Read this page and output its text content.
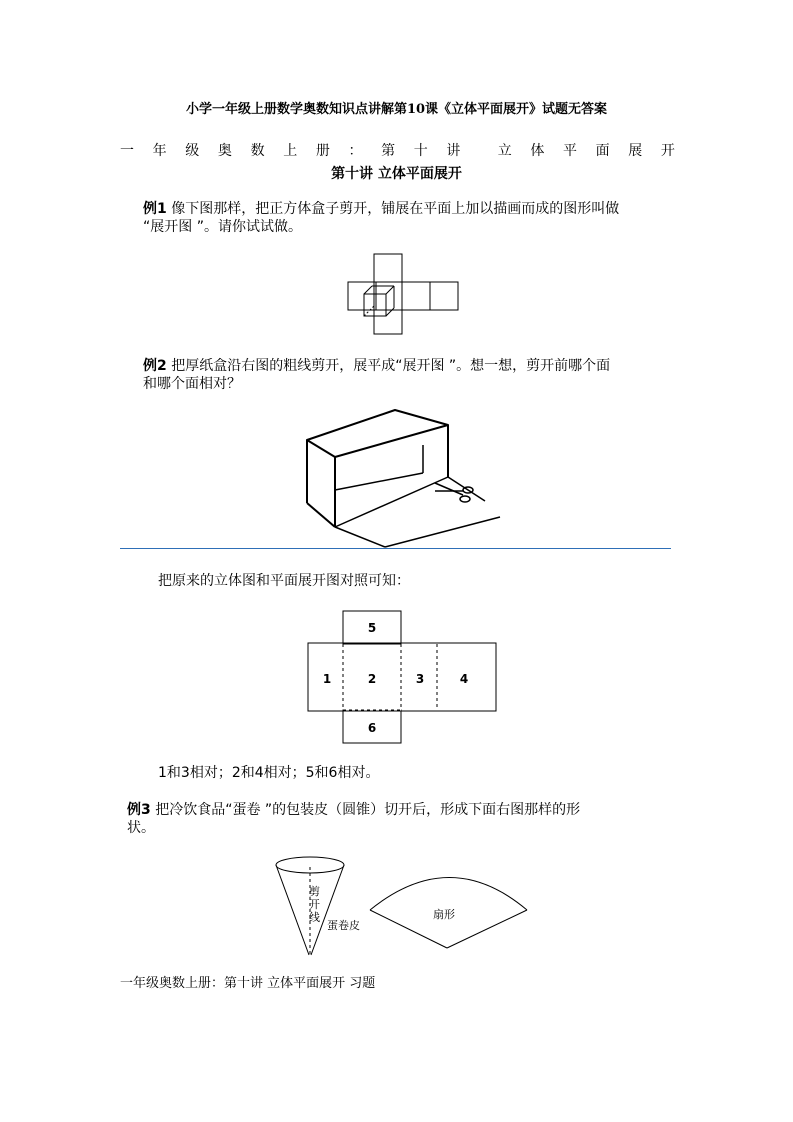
小学一年级上册数学奥数知识点讲解第10课《立体平面展开》试题无答案
一 年 级 奥 数 上 册 ： 第 十 讲	立 体 平 面 展 开
第十讲 立体平面展开
例1 像下图那样，把正方体盒子剪开，铺展在平面上加以描画而成的图形叫做
“展开图 ”。请你试试做。
例2 把厚纸盒沿右图的粗线剪开，展平成“展开图 ”。想一想，剪开前哪个面
和哪个面相对？
把原来的立体图和平面展开图对照可知：
5
1	2	3	4
6
1和3相对；2和4相对；5和6相对。
例3 把冷饮食品“蛋卷 ”的包装皮（圆锥）切开后，形成下面右图那样的形
状。
剪
开
线
蛋卷皮
扇形
一年级奥数上册：第十讲 立体平面展开 习题
